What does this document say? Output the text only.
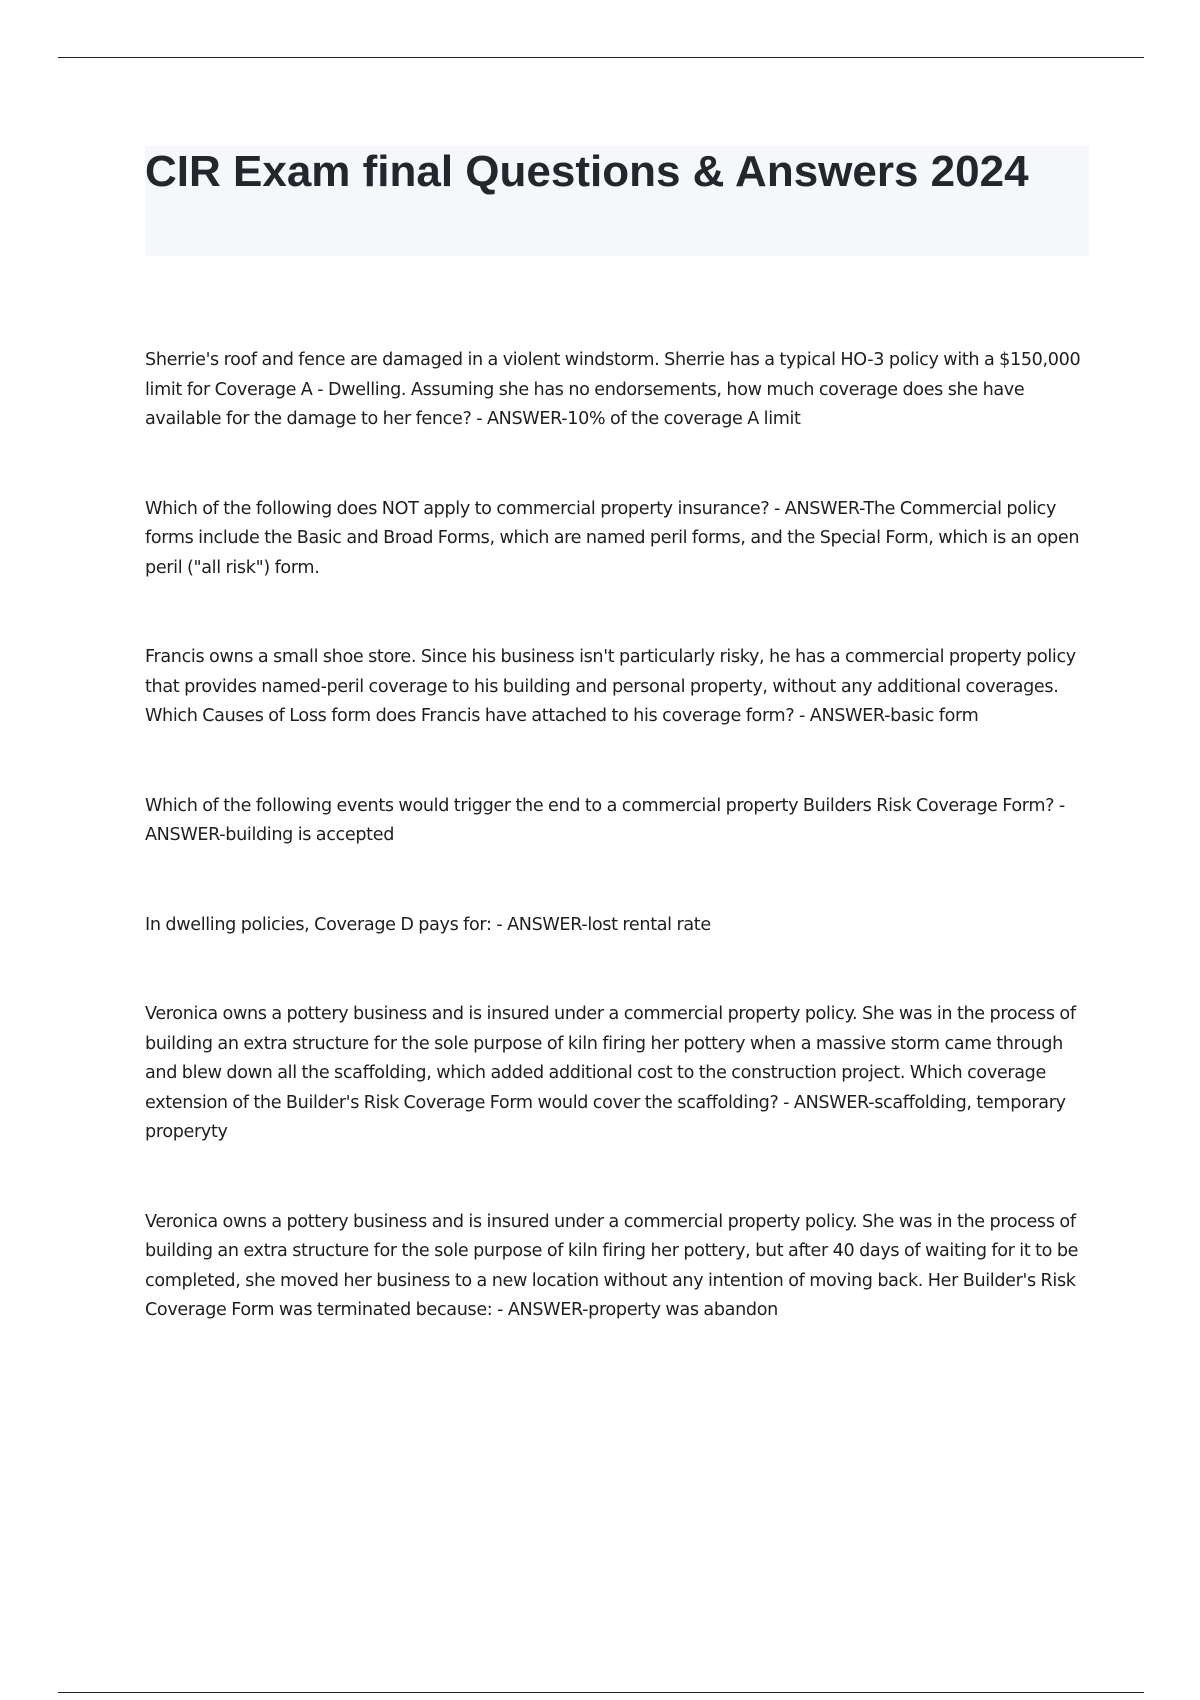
CIR Exam final Questions & Answers 2024

Sherrie's roof and fence are damaged in a violent windstorm. Sherrie has a typical HO-3 policy with a $150,000 limit for Coverage A - Dwelling. Assuming she has no endorsements, how much coverage does she have available for the damage to her fence? - ANSWER-10% of the coverage A limit

Which of the following does NOT apply to commercial property insurance? - ANSWER-The Commercial policy forms include the Basic and Broad Forms, which are named peril forms, and the Special Form, which is an open peril ("all risk") form.

Francis owns a small shoe store. Since his business isn't particularly risky, he has a commercial property policy that provides named-peril coverage to his building and personal property, without any additional coverages. Which Causes of Loss form does Francis have attached to his coverage form? - ANSWER-basic form

Which of the following events would trigger the end to a commercial property Builders Risk Coverage Form? - ANSWER-building is accepted

In dwelling policies, Coverage D pays for: - ANSWER-lost rental rate

Veronica owns a pottery business and is insured under a commercial property policy. She was in the process of building an extra structure for the sole purpose of kiln firing her pottery when a massive storm came through and blew down all the scaffolding, which added additional cost to the construction project. Which coverage extension of the Builder's Risk Coverage Form would cover the scaffolding? - ANSWER-scaffolding, temporary properyty

Veronica owns a pottery business and is insured under a commercial property policy. She was in the process of building an extra structure for the sole purpose of kiln firing her pottery, but after 40 days of waiting for it to be completed, she moved her business to a new location without any intention of moving back. Her Builder's Risk Coverage Form was terminated because: - ANSWER-property was abandon
